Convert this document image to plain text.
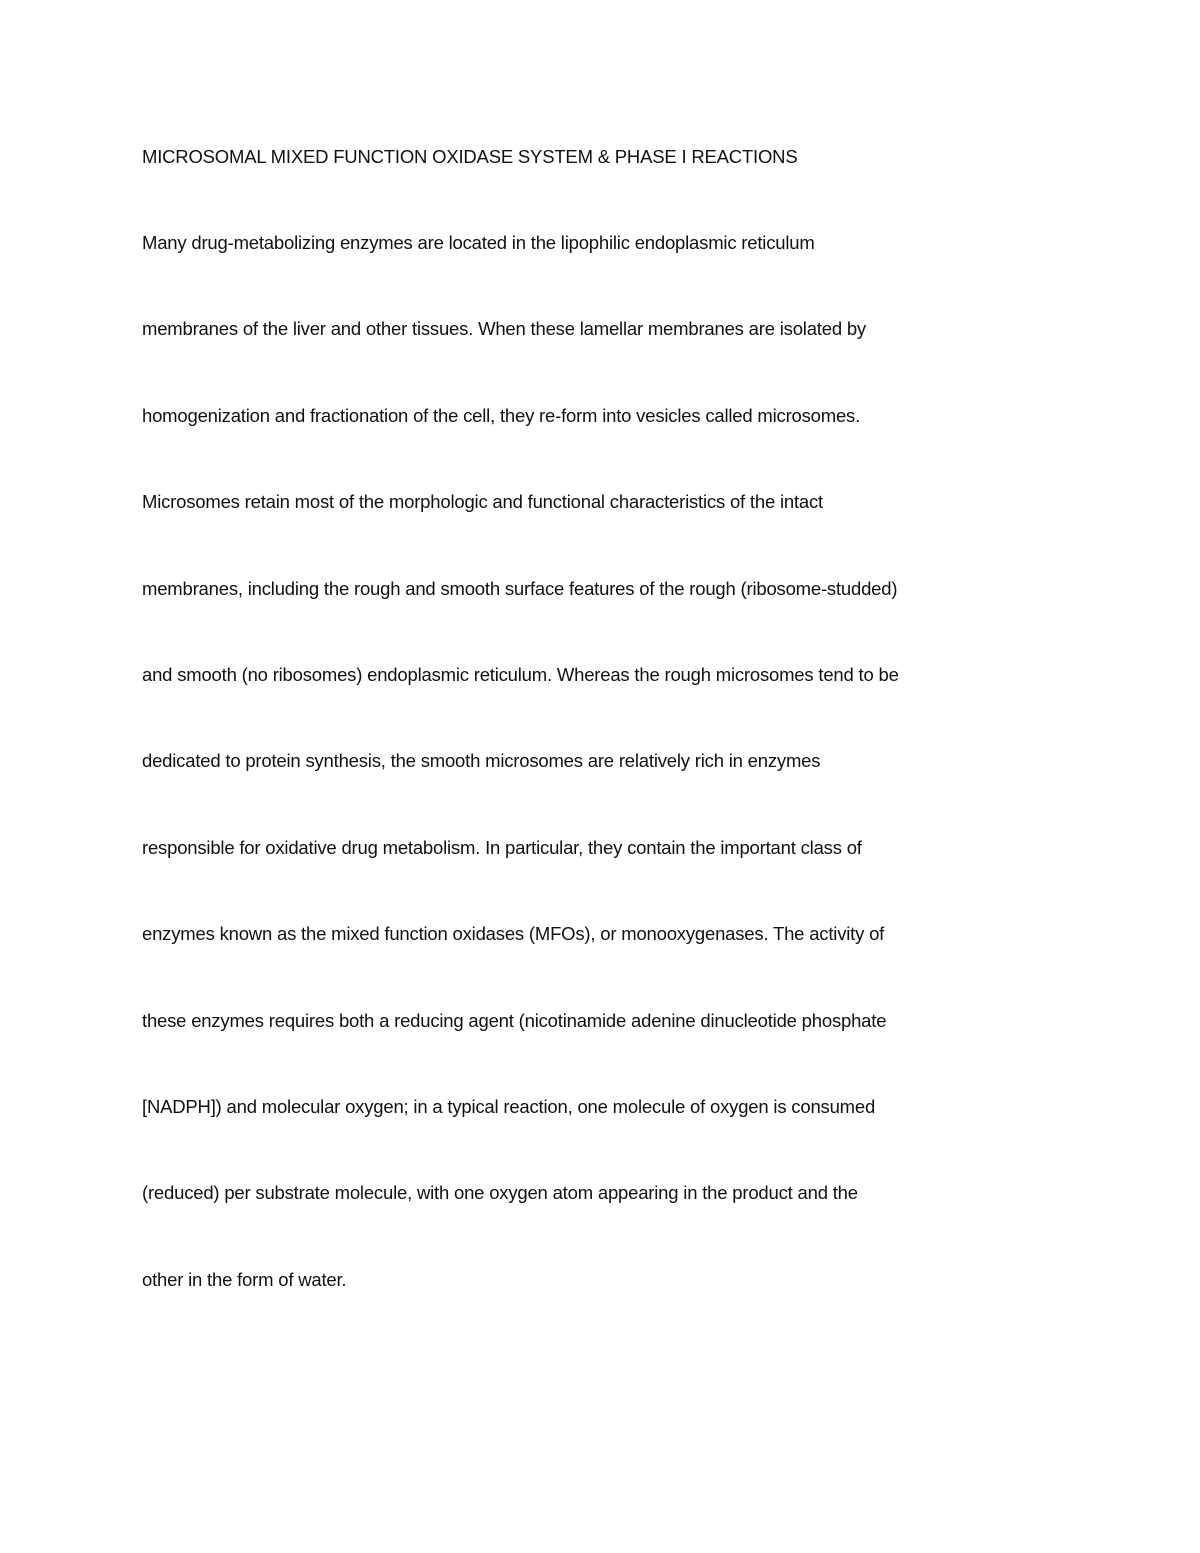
MICROSOMAL MIXED FUNCTION OXIDASE SYSTEM & PHASE I REACTIONS
Many drug-metabolizing enzymes are located in the lipophilic endoplasmic reticulum
membranes of the liver and other tissues. When these lamellar membranes are isolated by
homogenization and fractionation of the cell, they re-form into vesicles called microsomes.
Microsomes retain most of the morphologic and functional characteristics of the intact
membranes, including the rough and smooth surface features of the rough (ribosome-studded)
and smooth (no ribosomes) endoplasmic reticulum. Whereas the rough microsomes tend to be
dedicated to protein synthesis, the smooth microsomes are relatively rich in enzymes
responsible for oxidative drug metabolism. In particular, they contain the important class of
enzymes known as the mixed function oxidases (MFOs), or monooxygenases. The activity of
these enzymes requires both a reducing agent (nicotinamide adenine dinucleotide phosphate
[NADPH]) and molecular oxygen; in a typical reaction, one molecule of oxygen is consumed
(reduced) per substrate molecule, with one oxygen atom appearing in the product and the
other in the form of water.
